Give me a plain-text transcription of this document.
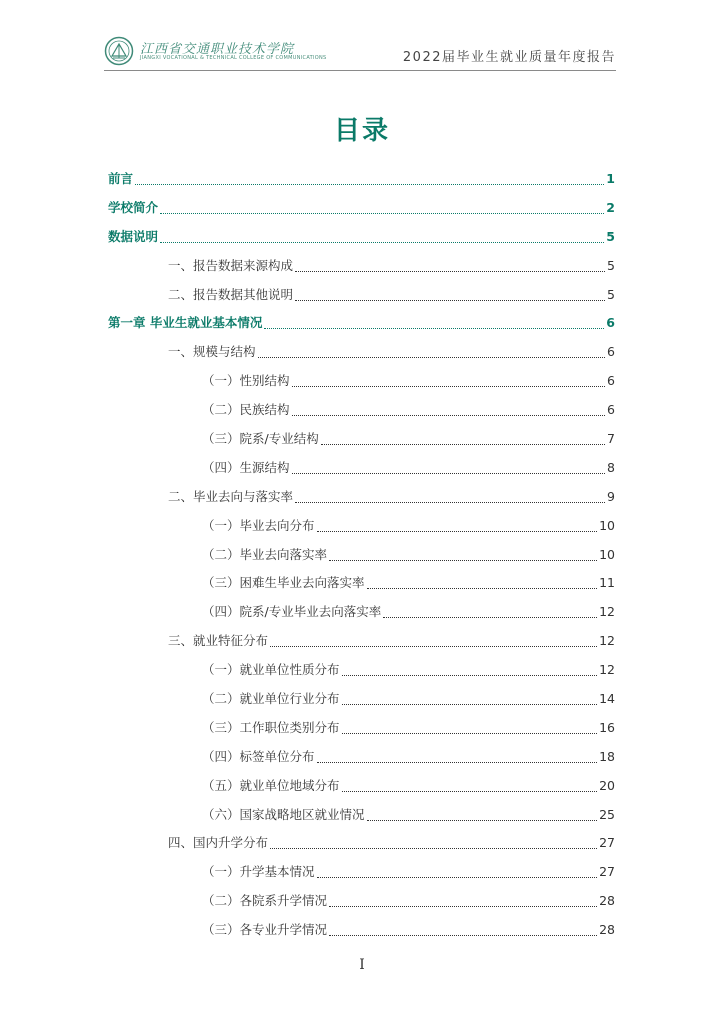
江西省交通职业技术学院
JIANGXI VOCATIONAL & TECHNICAL COLLEGE OF COMMUNICATIONS	2022届毕业生就业质量年度报告
目录
前言	1
学校简介	2
数据说明	5
一、报告数据来源构成	5
二、报告数据其他说明	5
第一章 毕业生就业基本情况	6
一、规模与结构	6
（一）性别结构	6
（二）民族结构	6
（三）院系/专业结构	7
（四）生源结构	8
二、毕业去向与落实率	9
（一）毕业去向分布	10
（二）毕业去向落实率	10
（三）困难生毕业去向落实率	11
（四）院系/专业毕业去向落实率	12
三、就业特征分布	12
（一）就业单位性质分布	12
（二）就业单位行业分布	14
（三）工作职位类别分布	16
（四）标签单位分布	18
（五）就业单位地域分布	20
（六）国家战略地区就业情况	25
四、国内升学分布	27
（一）升学基本情况	27
（二）各院系升学情况	28
（三）各专业升学情况	28
I
